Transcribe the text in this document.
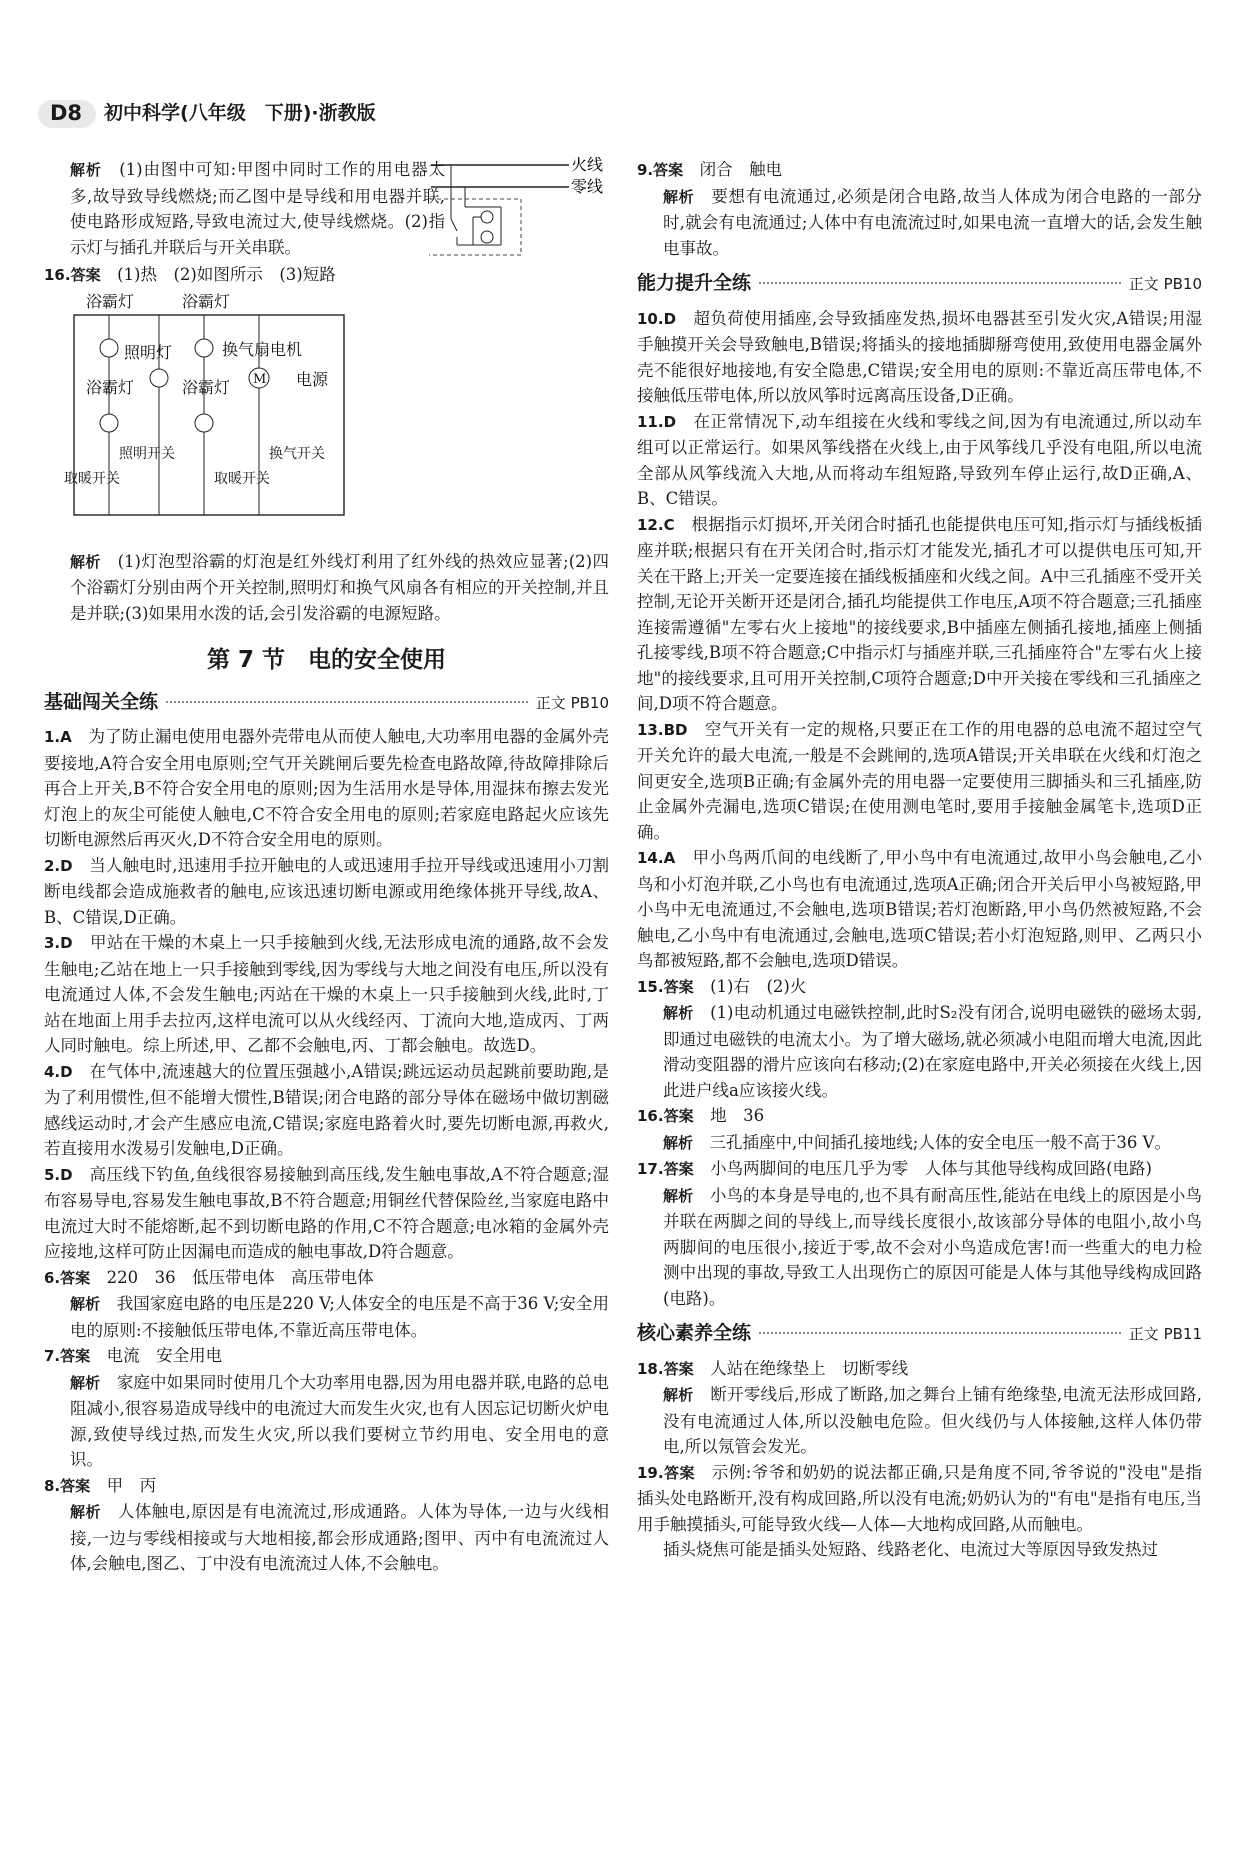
D8	初中科学(八年级　下册)·浙教版

解析　 (1)由图中可知:甲图中同时工作的用电器太多,故导致导线燃烧;而乙图中是导线和用电器并联,使电路形成短路,导致电流过大,使导线燃烧。(2)指示灯与插孔并联后与开关串联。

火线
零线

16.答案　 (1)热　(2)如图所示　(3)短路

M
浴霸灯
浴霸灯
浴霸灯
浴霸灯
照明灯	换气扇电机
电源
取暖开关
照明开关
取暖开关
换气开关

解析　 (1)灯泡型浴霸的灯泡是红外线灯利用了红外线的热效应显著;(2)四个浴霸灯分别由两个开关控制,照明灯和换气风扇各有相应的开关控制,并且是并联;(3)如果用水泼的话,会引发浴霸的电源短路。

第 7 节　电的安全使用
基础闯关全练	正文 PB10

1.A　 为了防止漏电使用电器外壳带电从而使人触电,大功率用电器的金属外壳要接地,A符合安全用电原则;空气开关跳闸后要先检查电路故障,待故障排除后再合上开关,B不符合安全用电的原则;因为生活用水是导体,用湿抹布擦去发光灯泡上的灰尘可能使人触电,C不符合安全用电的原则;若家庭电路起火应该先切断电源然后再灭火,D不符合安全用电的原则。

2.D　 当人触电时,迅速用手拉开触电的人或迅速用手拉开导线或迅速用小刀割断电线都会造成施救者的触电,应该迅速切断电源或用绝缘体挑开导线,故A、B、C错误,D正确。

3.D　 甲站在干燥的木桌上一只手接触到火线,无法形成电流的通路,故不会发生触电;乙站在地上一只手接触到零线,因为零线与大地之间没有电压,所以没有电流通过人体,不会发生触电;丙站在干燥的木桌上一只手接触到火线,此时,丁站在地面上用手去拉丙,这样电流可以从火线经丙、丁流向大地,造成丙、丁两人同时触电。综上所述,甲、乙都不会触电,丙、丁都会触电。故选D。

4.D　 在气体中,流速越大的位置压强越小,A错误;跳远运动员起跳前要助跑,是为了利用惯性,但不能增大惯性,B错误;闭合电路的部分导体在磁场中做切割磁感线运动时,才会产生感应电流,C错误;家庭电路着火时,要先切断电源,再救火,若直接用水泼易引发触电,D正确。

5.D　 高压线下钓鱼,鱼线很容易接触到高压线,发生触电事故,A不符合题意;湿布容易导电,容易发生触电事故,B不符合题意;用铜丝代替保险丝,当家庭电路中电流过大时不能熔断,起不到切断电路的作用,C不符合题意;电冰箱的金属外壳应接地,这样可防止因漏电而造成的触电事故,D符合题意。

6.答案　 220　36　低压带电体　高压带电体

解析　 我国家庭电路的电压是220 V;人体安全的电压是不高于36 V;安全用电的原则:不接触低压带电体,不靠近高压带电体。

7.答案　 电流　安全用电

解析　 家庭中如果同时使用几个大功率用电器,因为用电器并联,电路的总电阻减小,很容易造成导线中的电流过大而发生火灾,也有人因忘记切断火炉电源,致使导线过热,而发生火灾,所以我们要树立节约用电、安全用电的意识。

8.答案　 甲　丙

解析　 人体触电,原因是有电流流过,形成通路。人体为导体,一边与火线相接,一边与零线相接或与大地相接,都会形成通路;图甲、丙中有电流流过人体,会触电,图乙、丁中没有电流流过人体,不会触电。

9.答案　 闭合　触电

解析　 要想有电流通过,必须是闭合电路,故当人体成为闭合电路的一部分时,就会有电流通过;人体中有电流流过时,如果电流一直增大的话,会发生触电事故。

能力提升全练	正文 PB10

10.D　 超负荷使用插座,会导致插座发热,损坏电器甚至引发火灾,A错误;用湿手触摸开关会导致触电,B错误;将插头的接地插脚掰弯使用,致使用电器金属外壳不能很好地接地,有安全隐患,C错误;安全用电的原则:不靠近高压带电体,不接触低压带电体,所以放风筝时远离高压设备,D正确。

11.D　 在正常情况下,动车组接在火线和零线之间,因为有电流通过,所以动车组可以正常运行。如果风筝线搭在火线上,由于风筝线几乎没有电阻,所以电流全部从风筝线流入大地,从而将动车组短路,导致列车停止运行,故D正确,A、B、C错误。

12.C　 根据指示灯损坏,开关闭合时插孔也能提供电压可知,指示灯与插线板插座并联;根据只有在开关闭合时,指示灯才能发光,插孔才可以提供电压可知,开关在干路上;开关一定要连接在插线板插座和火线之间。A中三孔插座不受开关控制,无论开关断开还是闭合,插孔均能提供工作电压,A项不符合题意;三孔插座连接需遵循"左零右火上接地"的接线要求,B中插座左侧插孔接地,插座上侧插孔接零线,B项不符合题意;C中指示灯与插座并联,三孔插座符合"左零右火上接地"的接线要求,且可用开关控制,C项符合题意;D中开关接在零线和三孔插座之间,D项不符合题意。

13.BD　 空气开关有一定的规格,只要正在工作的用电器的总电流不超过空气开关允许的最大电流,一般是不会跳闸的,选项A错误;开关串联在火线和灯泡之间更安全,选项B正确;有金属外壳的用电器一定要使用三脚插头和三孔插座,防止金属外壳漏电,选项C错误;在使用测电笔时,要用手接触金属笔卡,选项D正确。

14.A　 甲小鸟两爪间的电线断了,甲小鸟中有电流通过,故甲小鸟会触电,乙小鸟和小灯泡并联,乙小鸟也有电流通过,选项A正确;闭合开关后甲小鸟被短路,甲小鸟中无电流通过,不会触电,选项B错误;若灯泡断路,甲小鸟仍然被短路,不会触电,乙小鸟中有电流通过,会触电,选项C错误;若小灯泡短路,则甲、乙两只小鸟都被短路,都不会触电,选项D错误。

15.答案　 (1)右　(2)火

解析　 (1)电动机通过电磁铁控制,此时S₂没有闭合,说明电磁铁的磁场太弱,即通过电磁铁的电流太小。为了增大磁场,就必须减小电阻而增大电流,因此滑动变阻器的滑片应该向右移动;(2)在家庭电路中,开关必须接在火线上,因此进户线a应该接火线。

16.答案　 地　36

解析　 三孔插座中,中间插孔接地线;人体的安全电压一般不高于36 V。

17.答案　 小鸟两脚间的电压几乎为零　人体与其他导线构成回路(电路)

解析　 小鸟的本身是导电的,也不具有耐高压性,能站在电线上的原因是小鸟并联在两脚之间的导线上,而导线长度很小,故该部分导体的电阻小,故小鸟两脚间的电压很小,接近于零,故不会对小鸟造成危害!而一些重大的电力检测中出现的事故,导致工人出现伤亡的原因可能是人体与其他导线构成回路(电路)。

核心素养全练	正文 PB11

18.答案　 人站在绝缘垫上　切断零线

解析　 断开零线后,形成了断路,加之舞台上铺有绝缘垫,电流无法形成回路,没有电流通过人体,所以没触电危险。但火线仍与人体接触,这样人体仍带电,所以氖管会发光。

19.答案　 示例:爷爷和奶奶的说法都正确,只是角度不同,爷爷说的"没电"是指插头处电路断开,没有构成回路,所以没有电流;奶奶认为的"有电"是指有电压,当用手触摸插头,可能导致火线—人体—大地构成回路,从而触电。

插头烧焦可能是插头处短路、线路老化、电流过大等原因导致发热过
